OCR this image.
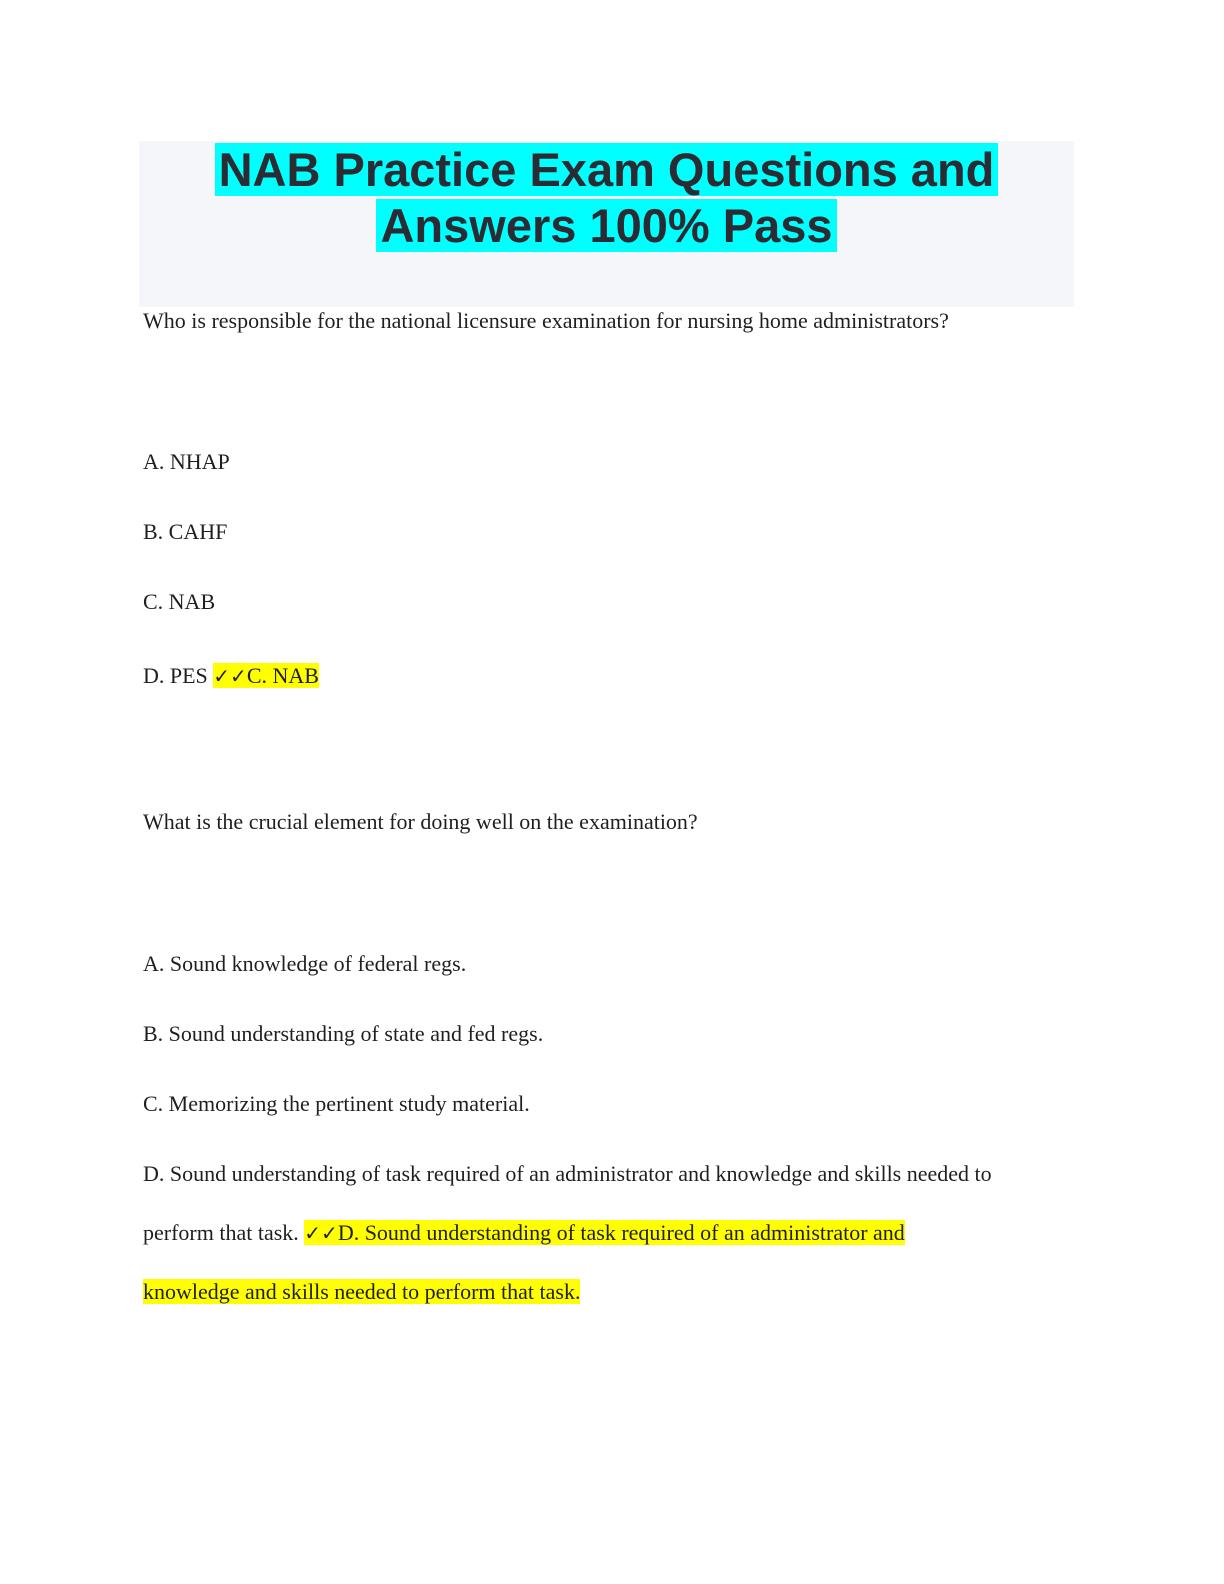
NAB Practice Exam Questions and
Answers 100% Pass

Who is responsible for the national licensure examination for nursing home administrators?

A. NHAP

B. CAHF

C. NAB

D. PES ✓✓C. NAB

What is the crucial element for doing well on the examination?

A. Sound knowledge of federal regs.

B. Sound understanding of state and fed regs.

C. Memorizing the pertinent study material.

D. Sound understanding of task required of an administrator and knowledge and skills needed to

perform that task. ✓✓D. Sound understanding of task required of an administrator and

knowledge and skills needed to perform that task.
